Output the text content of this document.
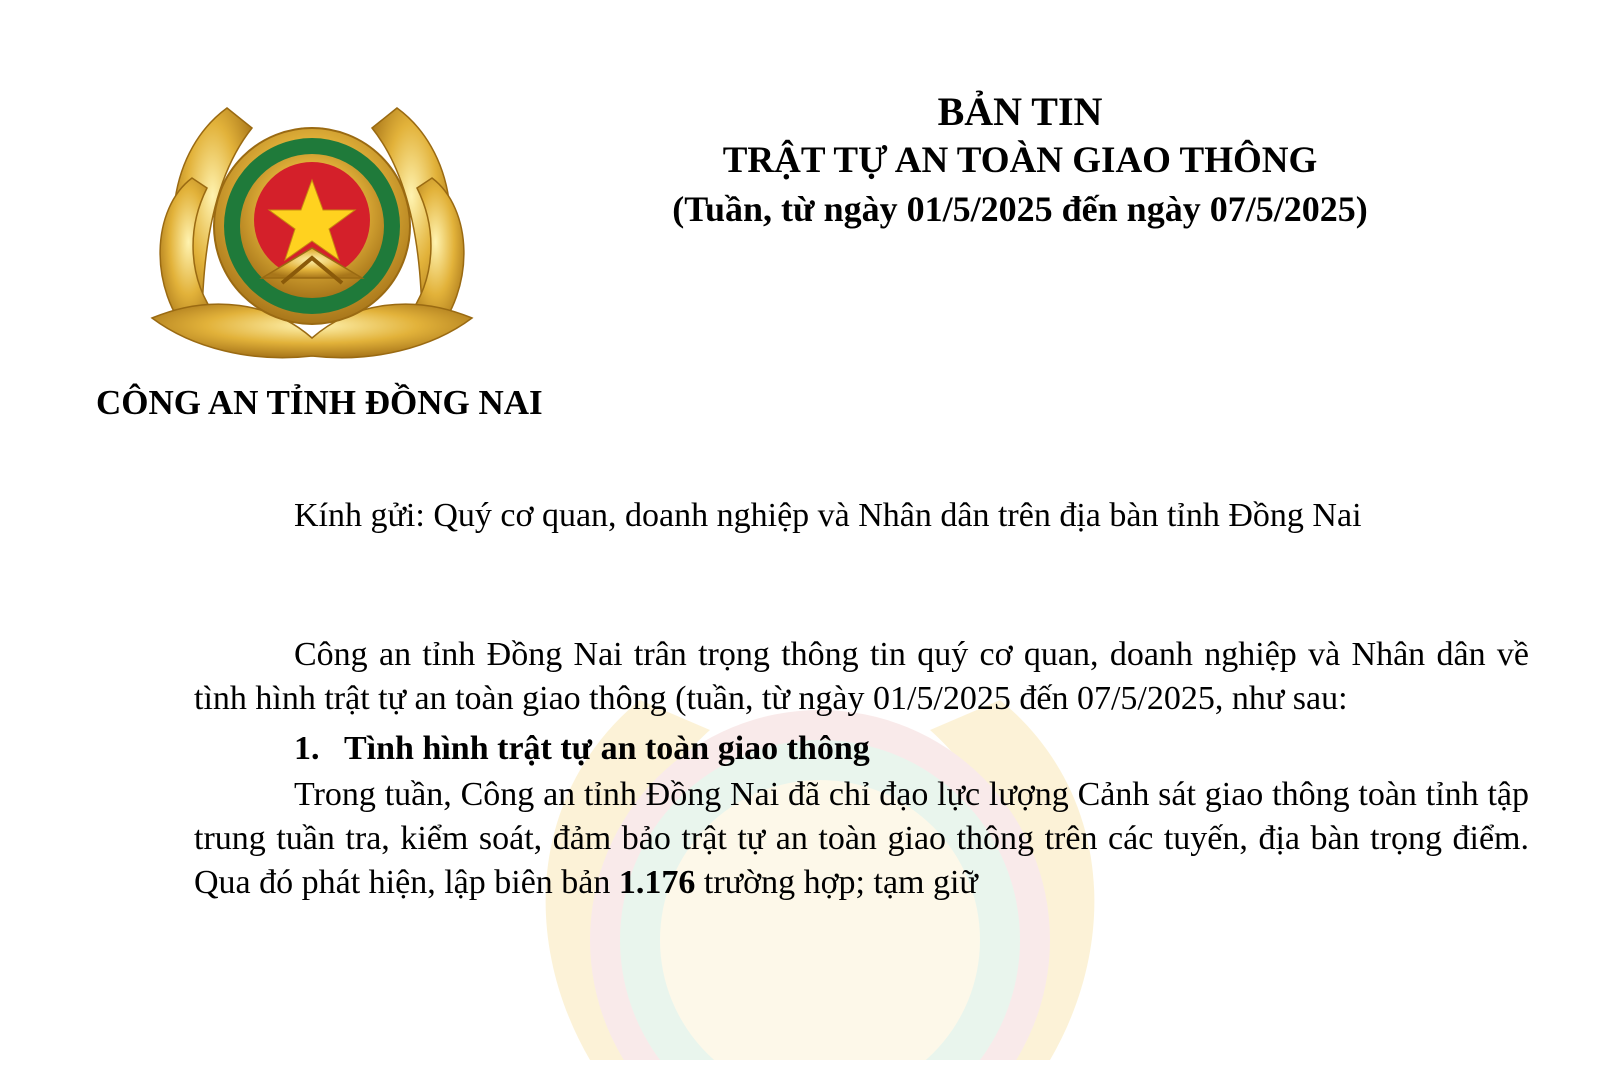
CÔNG AN TỈNH ĐỒNG NAI
BẢN TIN
TRẬT TỰ AN TOÀN GIAO THÔNG
(Tuần, từ ngày 01/5/2025 đến ngày 07/5/2025)
Kính gửi: Quý cơ quan, doanh nghiệp và Nhân dân trên địa bàn tỉnh Đồng Nai

Công an tỉnh Đồng Nai trân trọng thông tin quý cơ quan, doanh nghiệp và Nhân dân về tình hình trật tự an toàn giao thông (tuần, từ ngày 01/5/2025 đến 07/5/2025, như sau:

1. Tình hình trật tự an toàn giao thông

Trong tuần, Công an tỉnh Đồng Nai đã chỉ đạo lực lượng Cảnh sát giao thông toàn tỉnh tập trung tuần tra, kiểm soát, đảm bảo trật tự an toàn giao thông trên các tuyến, địa bàn trọng điểm. Qua đó phát hiện, lập biên bản 1.176 trường hợp; tạm giữ
